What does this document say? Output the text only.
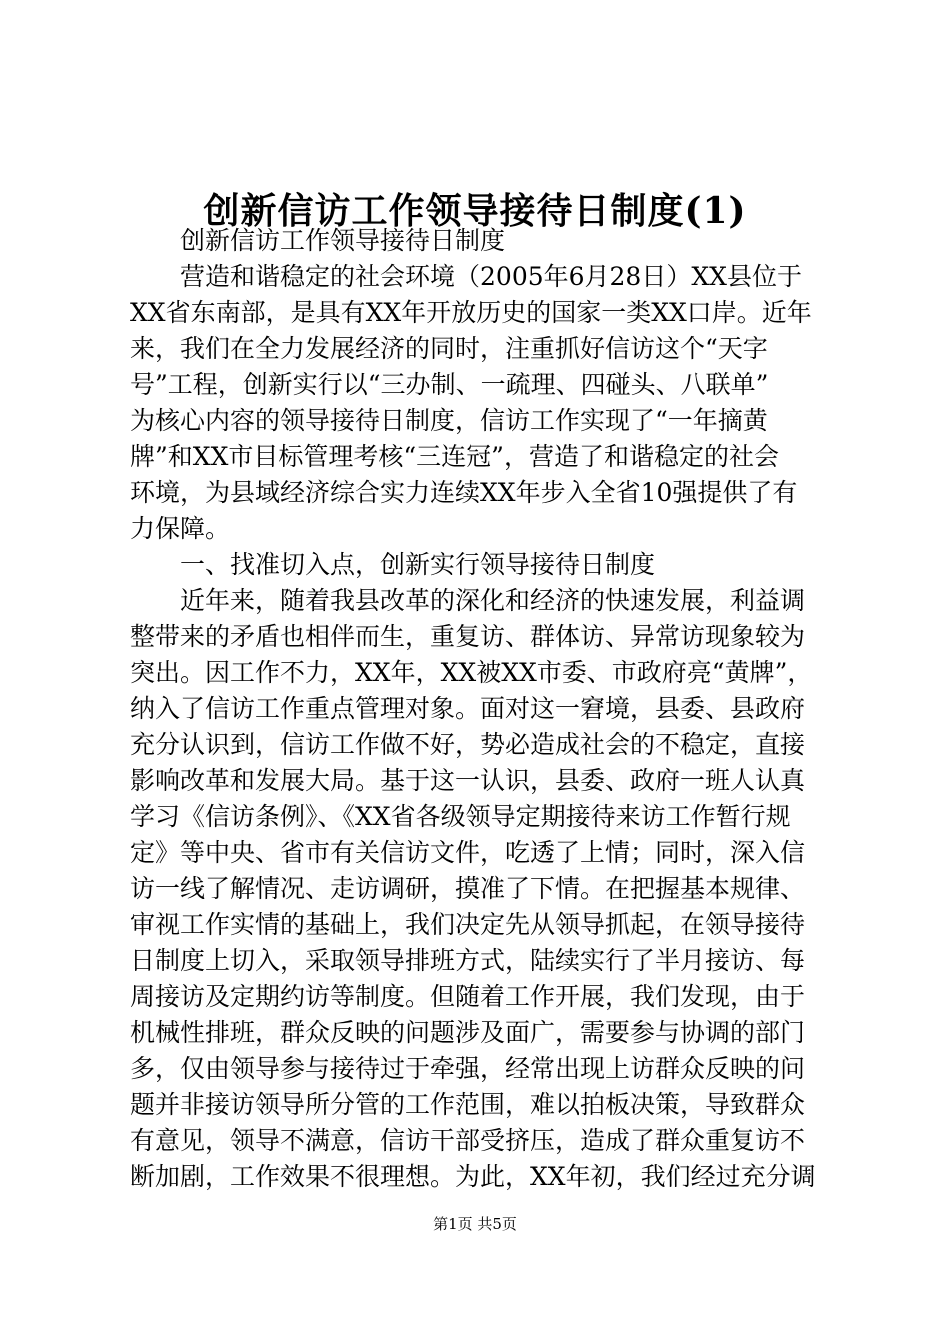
创新信访工作领导接待日制度(1)
创新信访工作领导接待日制度
营造和谐稳定的社会环境（2005年6月28日）XX县位于
XX省东南部，是具有XX年开放历史的国家一类XX口岸。近年
来，我们在全力发展经济的同时，注重抓好信访这个“天字
号”工程，创新实行以“三办制、一疏理、四碰头、八联单”
为核心内容的领导接待日制度，信访工作实现了“一年摘黄
牌”和XX市目标管理考核“三连冠”，营造了和谐稳定的社会
环境，为县域经济综合实力连续XX年步入全省10强提供了有
力保障。
一、找准切入点，创新实行领导接待日制度
近年来，随着我县改革的深化和经济的快速发展，利益调
整带来的矛盾也相伴而生，重复访、群体访、异常访现象较为
突出。因工作不力，XX年，XX被XX市委、市政府亮“黄牌”，
纳入了信访工作重点管理对象。面对这一窘境，县委、县政府
充分认识到，信访工作做不好，势必造成社会的不稳定，直接
影响改革和发展大局。基于这一认识，县委、政府一班人认真
学习《信访条例》、《XX省各级领导定期接待来访工作暂行规
定》等中央、省市有关信访文件，吃透了上情；同时，深入信
访一线了解情况、走访调研，摸准了下情。在把握基本规律、
审视工作实情的基础上，我们决定先从领导抓起，在领导接待
日制度上切入，采取领导排班方式，陆续实行了半月接访、每
周接访及定期约访等制度。但随着工作开展，我们发现，由于
机械性排班，群众反映的问题涉及面广，需要参与协调的部门
多，仅由领导参与接待过于牵强，经常出现上访群众反映的问
题并非接访领导所分管的工作范围，难以拍板决策，导致群众
有意见，领导不满意，信访干部受挤压，造成了群众重复访不
断加剧，工作效果不很理想。为此，XX年初，我们经过充分调
第1页 共5页
